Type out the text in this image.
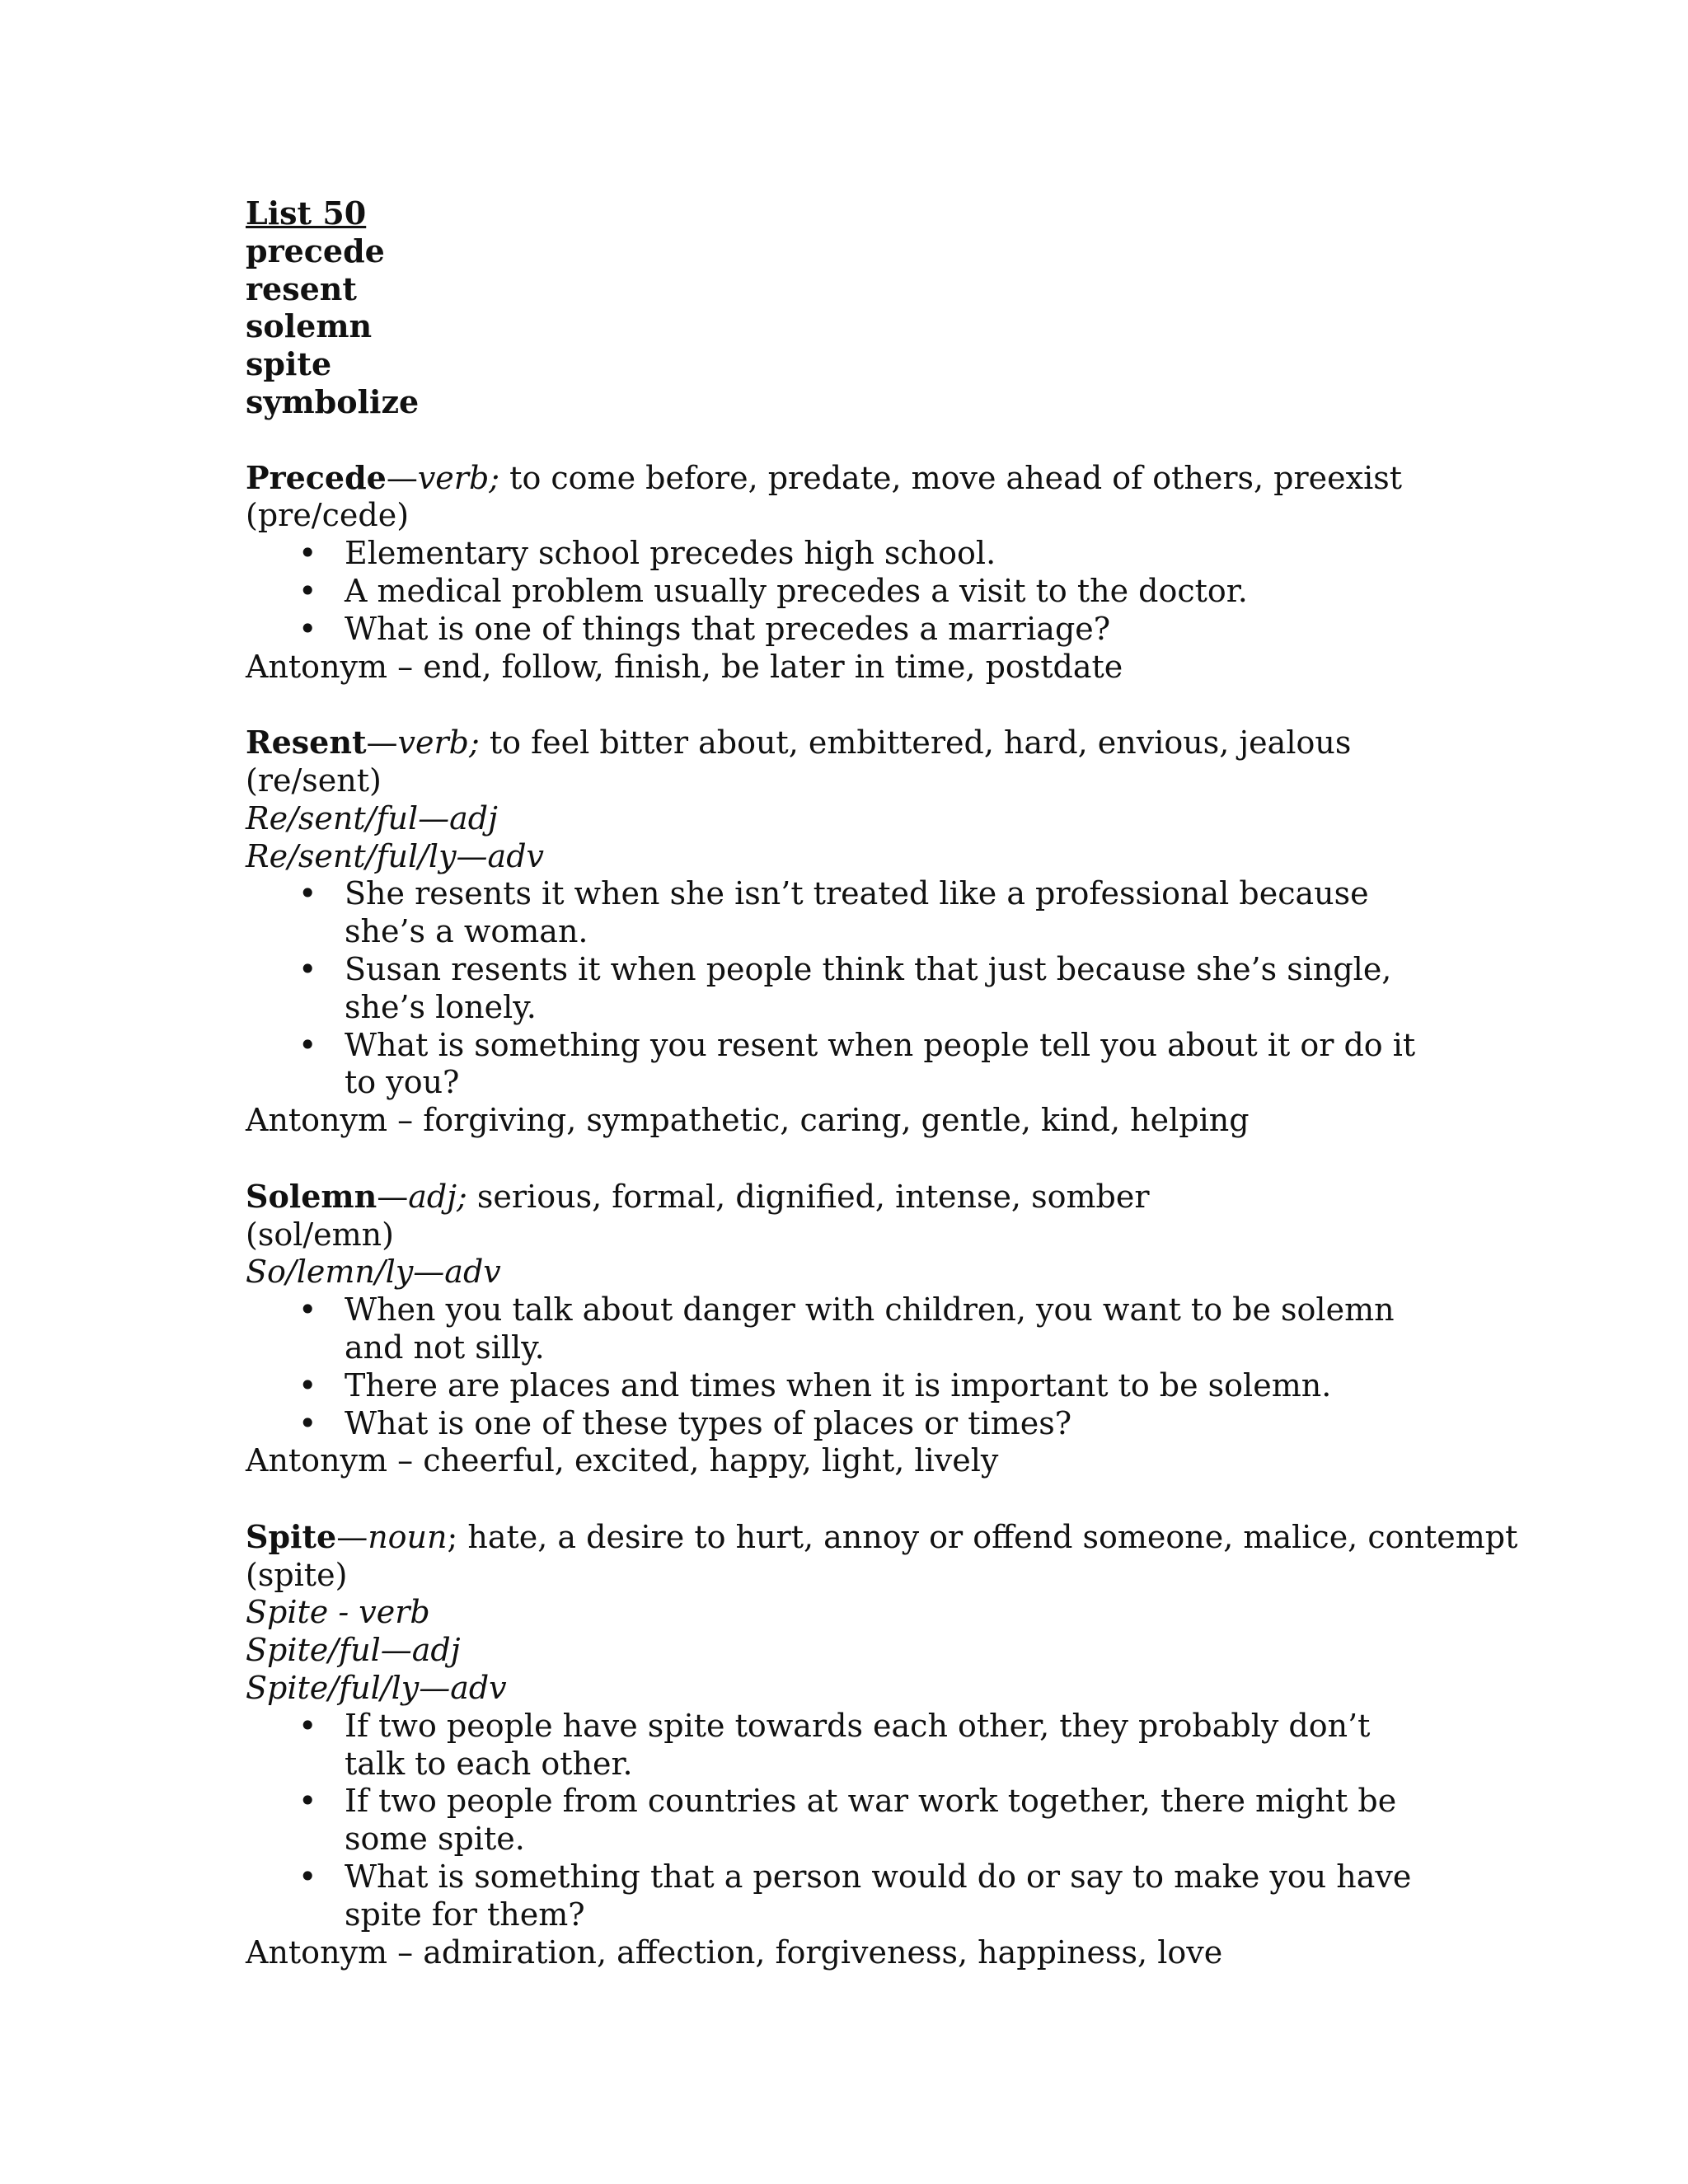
List 50
precede
resent
solemn
spite
symbolize
Precede—verb; to come before, predate, move ahead of others, preexist
(pre/cede)
• Elementary school precedes high school.
• A medical problem usually precedes a visit to the doctor.
• What is one of things that precedes a marriage?
Antonym – end, follow, finish, be later in time, postdate
Resent—verb; to feel bitter about, embittered, hard, envious, jealous
(re/sent)
Re/sent/ful—adj
Re/sent/ful/ly—adv
• She resents it when she isn’t treated like a professional because she’s a woman.
• Susan resents it when people think that just because she’s single, she’s lonely.
• What is something you resent when people tell you about it or do it to you?
Antonym – forgiving, sympathetic, caring, gentle, kind, helping
Solemn—adj; serious, formal, dignified, intense, somber
(sol/emn)
So/lemn/ly—adv
• When you talk about danger with children, you want to be solemn and not silly.
• There are places and times when it is important to be solemn.
• What is one of these types of places or times?
Antonym – cheerful, excited, happy, light, lively
Spite—noun; hate, a desire to hurt, annoy or offend someone, malice, contempt
(spite)
Spite - verb
Spite/ful—adj
Spite/ful/ly—adv
• If two people have spite towards each other, they probably don’t talk to each other.
• If two people from countries at war work together, there might be some spite.
• What is something that a person would do or say to make you have spite for them?
Antonym – admiration, affection, forgiveness, happiness, love
